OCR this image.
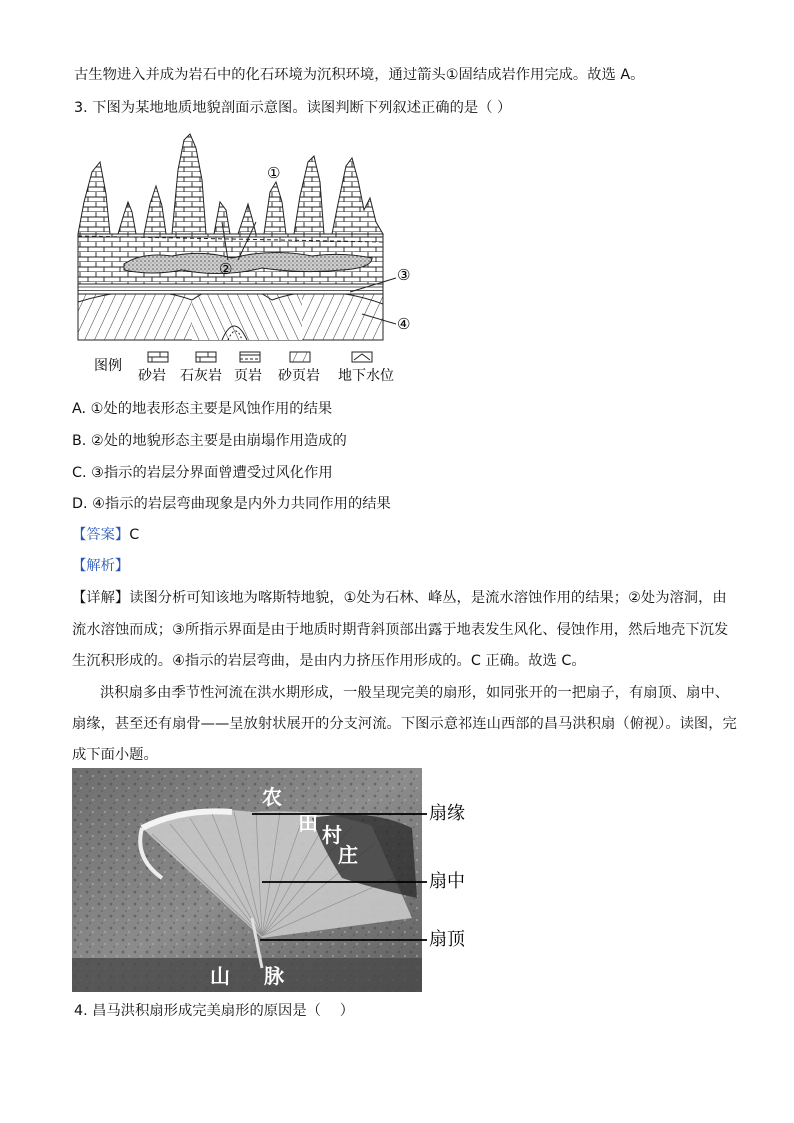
古生物进入并成为岩石中的化石环境为沉积环境，通过箭头①固结成岩作用完成。故选 A。
3. 下图为某地地质地貌剖面示意图。读图判断下列叙述正确的是（ ）
①
②	③
④
图例
砂岩 石灰岩 页岩 砂页岩 地下水位
A. ①处的地表形态主要是风蚀作用的结果
B. ②处的地貌形态主要是由崩塌作用造成的
C. ③指示的岩层分界面曾遭受过风化作用
D. ④指示的岩层弯曲现象是内外力共同作用的结果
【答案】C
【解析】
【详解】读图分析可知该地为喀斯特地貌，①处为石林、峰丛，是流水溶蚀作用的结果；②处为溶洞，由
流水溶蚀而成；③所指示界面是由于地质时期背斜顶部出露于地表发生风化、侵蚀作用，然后地壳下沉发
生沉积形成的。④指示的岩层弯曲，是由内力挤压作用形成的。C 正确。故选 C。
洪积扇多由季节性河流在洪水期形成，一般呈现完美的扇形，如同张开的一把扇子，有扇顶、扇中、
扇缘，甚至还有扇骨——呈放射状展开的分支河流。下图示意祁连山西部的昌马洪积扇（俯视）。读图，完
成下面小题。
农
田 村
庄
山 脉
扇缘
扇中
扇顶
4. 昌马洪积扇形成完美扇形的原因是（　 ）
